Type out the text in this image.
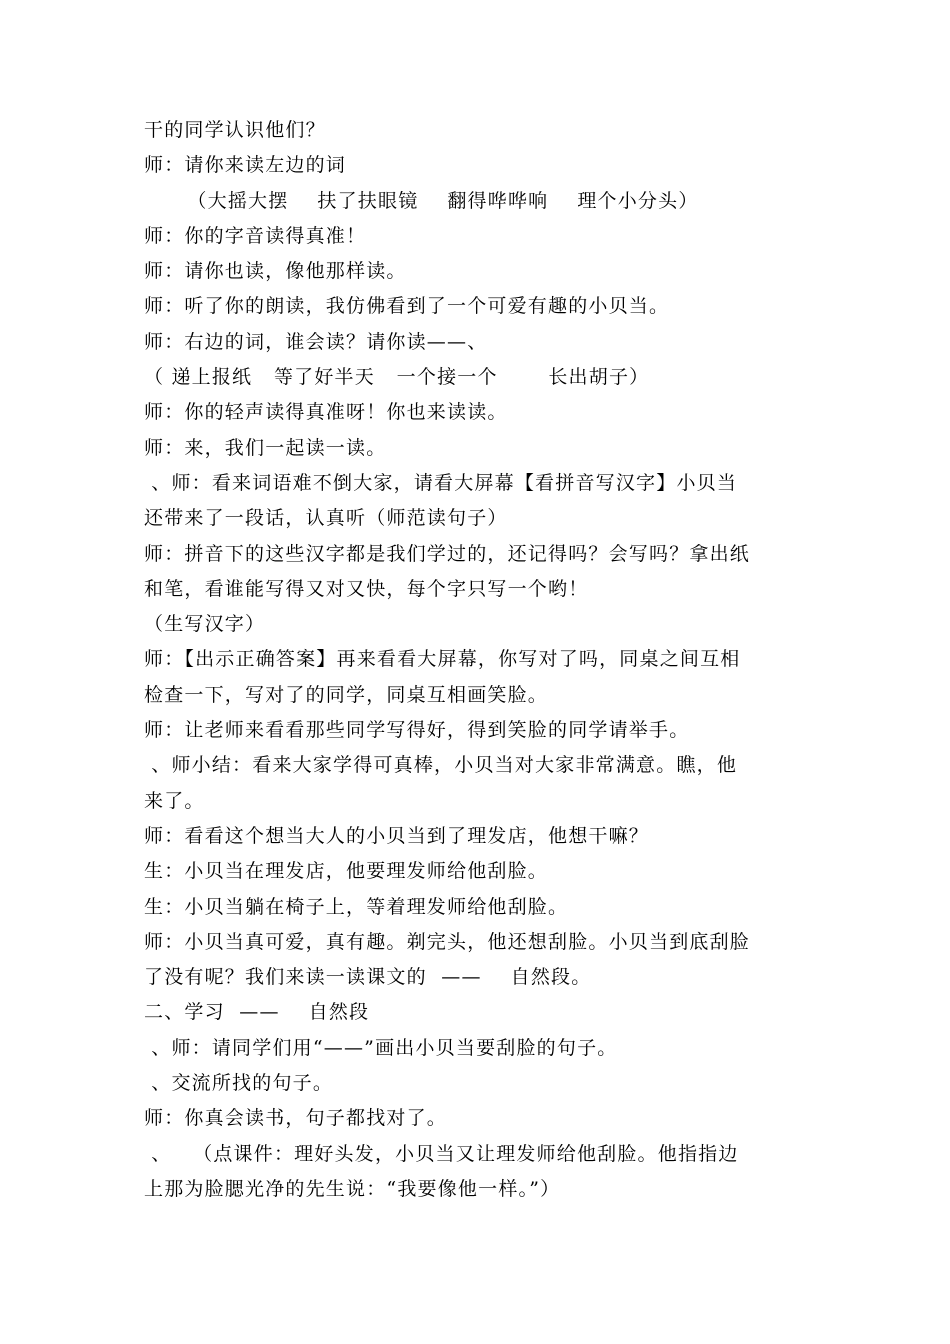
干的同学认识他们？
师：请你来读左边的词
（大摇大摆    扶了扶眼镜    翻得哗哗响    理个小分头）
师：你的字音读得真准！
师：请你也读，像他那样读。
师：听了你的朗读，我仿佛看到了一个可爱有趣的小贝当。
师：右边的词，谁会读？请你读——、
（ 递上报纸   等了好半天   一个接一个       长出胡子）
师：你的轻声读得真准呀！你也来读读。
师：来，我们一起读一读。
、师：看来词语难不倒大家，请看大屏幕【看拼音写汉字】小贝当
还带来了一段话，认真听（师范读句子）
师：拼音下的这些汉字都是我们学过的，还记得吗？会写吗？拿出纸
和笔，看谁能写得又对又快，每个字只写一个哟！
（生写汉字）
师：【出示正确答案】再来看看大屏幕，你写对了吗，同桌之间互相
检查一下，写对了的同学，同桌互相画笑脸。
师：让老师来看看那些同学写得好，得到笑脸的同学请举手。
、师小结：看来大家学得可真棒，小贝当对大家非常满意。瞧，他
来了。
师：看看这个想当大人的小贝当到了理发店，他想干嘛？
生：小贝当在理发店，他要理发师给他刮脸。
生：小贝当躺在椅子上，等着理发师给他刮脸。
师：小贝当真可爱，真有趣。剃完头，他还想刮脸。小贝当到底刮脸
了没有呢？我们来读一读课文的  ——    自然段。
二、学习  ——    自然段
、师：请同学们用“——”画出小贝当要刮脸的句子。
、交流所找的句子。
师：你真会读书，句子都找对了。
、   （点课件：理好头发，小贝当又让理发师给他刮脸。他指指边
上那为脸腮光净的先生说：“我要像他一样。”）
